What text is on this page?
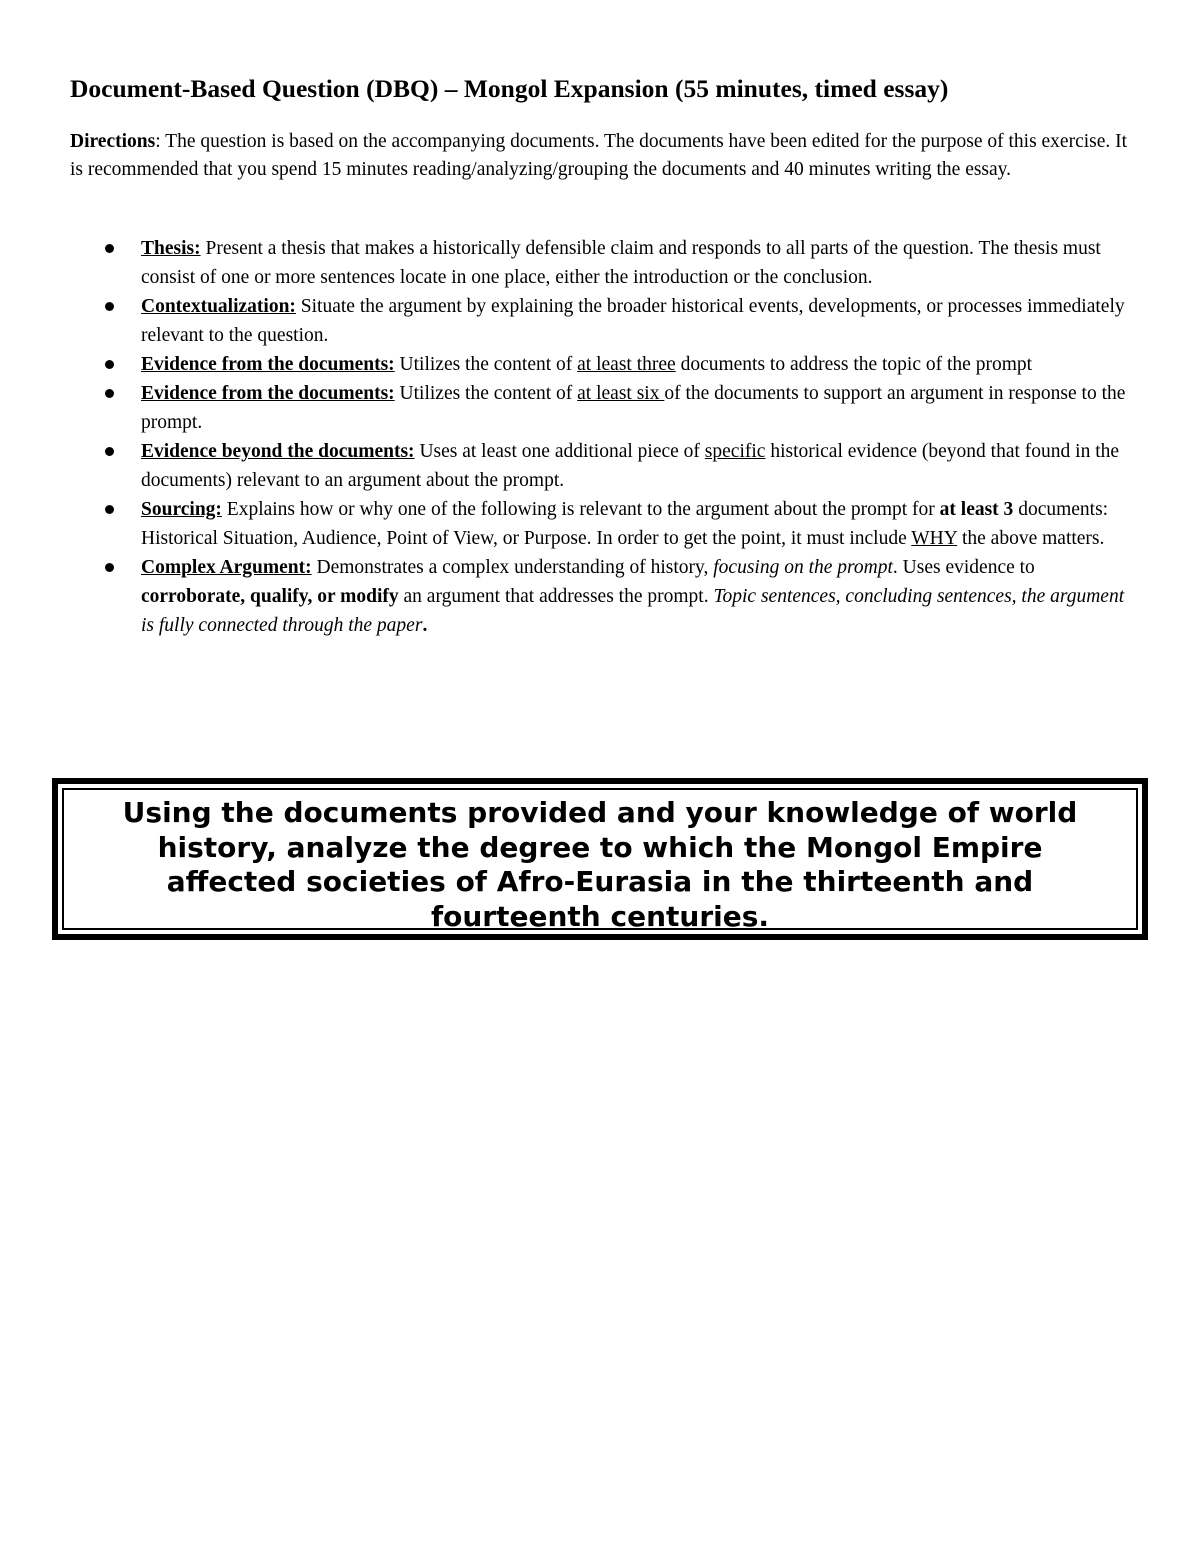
Document-Based Question (DBQ) – Mongol Expansion (55 minutes, timed essay)
Directions: The question is based on the accompanying documents. The documents have been edited for the purpose of this exercise. It is recommended that you spend 15 minutes reading/analyzing/grouping the documents and 40 minutes writing the essay.
Thesis: Present a thesis that makes a historically defensible claim and responds to all parts of the question. The thesis must consist of one or more sentences locate in one place, either the introduction or the conclusion.
Contextualization: Situate the argument by explaining the broader historical events, developments, or processes immediately relevant to the question.
Evidence from the documents: Utilizes the content of at least three documents to address the topic of the prompt
Evidence from the documents: Utilizes the content of at least six of the documents to support an argument in response to the prompt.
Evidence beyond the documents: Uses at least one additional piece of specific historical evidence (beyond that found in the documents) relevant to an argument about the prompt.
Sourcing: Explains how or why one of the following is relevant to the argument about the prompt for at least 3 documents: Historical Situation, Audience, Point of View, or Purpose. In order to get the point, it must include WHY the above matters.
Complex Argument: Demonstrates a complex understanding of history, focusing on the prompt. Uses evidence to corroborate, qualify, or modify an argument that addresses the prompt. Topic sentences, concluding sentences, the argument is fully connected through the paper.
Using the documents provided and your knowledge of world
history, analyze the degree to which the Mongol Empire
affected societies of Afro-Eurasia in the thirteenth and
fourteenth centuries.
